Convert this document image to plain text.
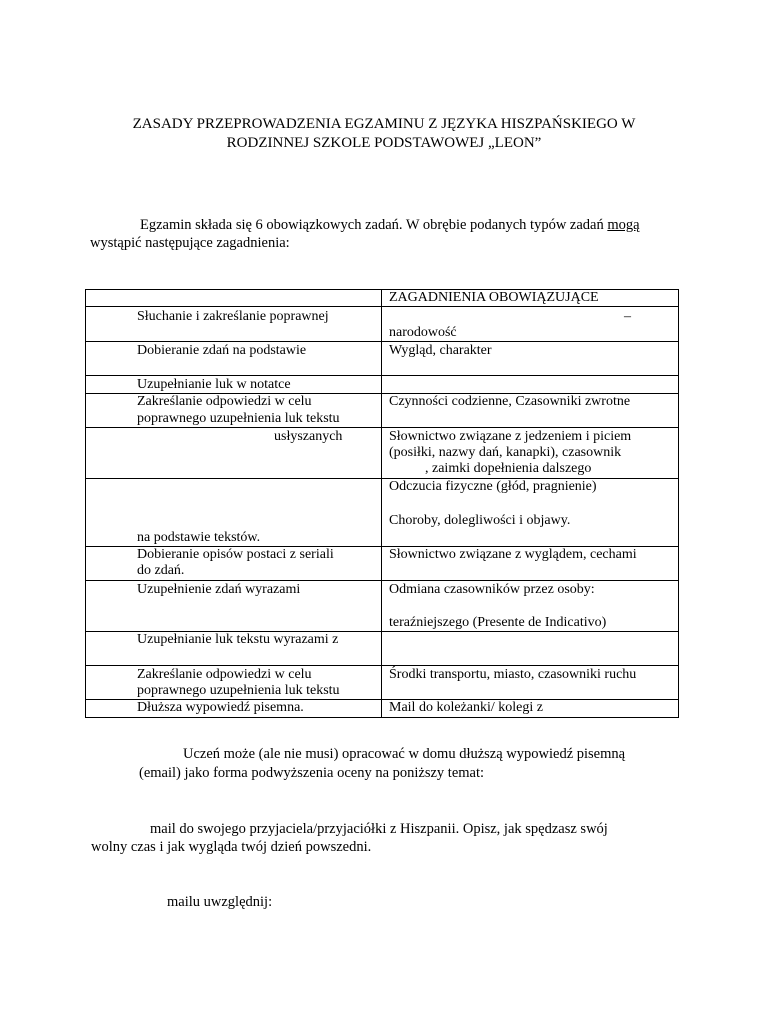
ZASADY PRZEPROWADZENIA EGZAMINU Z JĘZYKA HISZPAŃSKIEGO W
RODZINNEJ SZKOLE PODSTAWOWEJ „LEON”
Egzamin składa się 6 obowiązkowych zadań. W obrębie podanych typów zadań mogą
wystąpić następujące zagadnienia:
ZAGADNIENIA OBOWIĄZUJĄCE
Słuchanie i zakreślanie poprawnej
Dobieranie zdań na podstawie
Uzupełnianie luk w notatce
Zakreślanie odpowiedzi w celu
poprawnego uzupełnienia luk tekstu
usłyszanych
na podstawie tekstów.
Dobieranie opisów postaci z seriali
do zdań.
Uzupełnienie zdań wyrazami
Uzupełnianie luk tekstu wyrazami z
Zakreślanie odpowiedzi w celu
poprawnego uzupełnienia luk tekstu
Dłuższa wypowiedź pisemna.
–
narodowość
Wygląd, charakter
Czynności codzienne, Czasowniki zwrotne
Słownictwo związane z jedzeniem i piciem
(posiłki, nazwy dań, kanapki), czasownik
, zaimki dopełnienia dalszego
Odczucia fizyczne (głód, pragnienie)
Choroby, dolegliwości i objawy.
Słownictwo związane z wyglądem, cechami
Odmiana czasowników przez osoby:
teraźniejszego (Presente de Indicativo)
Środki transportu, miasto, czasowniki ruchu
Mail do koleżanki/ kolegi z
Uczeń może (ale nie musi) opracować w domu dłuższą wypowiedź pisemną
(email) jako forma podwyższenia oceny na poniższy temat:
mail do swojego przyjaciela/przyjaciółki z Hiszpanii. Opisz, jak spędzasz swój
wolny czas i jak wygląda twój dzień powszedni.
mailu uwzględnij:
